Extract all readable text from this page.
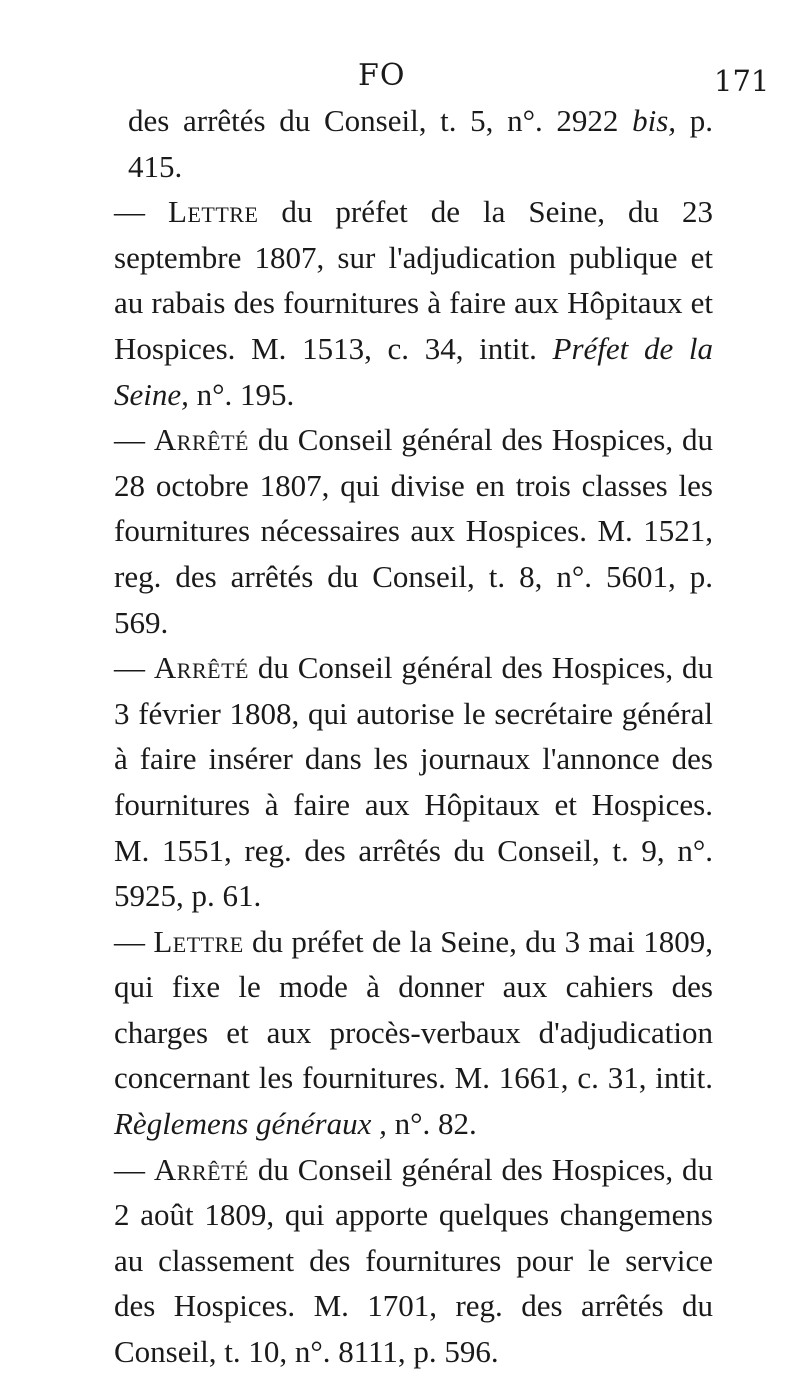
FO	171

des arrêtés du Conseil, t. 5, n°. 2922 bis, p. 415.

— Lettre du préfet de la Seine, du 23 septembre 1807, sur l'adjudication publique et au rabais des fournitures à faire aux Hôpitaux et Hospices. M. 1513, c. 34, intit. Préfet de la Seine, n°. 195.

— Arrêté du Conseil général des Hospices, du 28 octobre 1807, qui divise en trois classes les fournitures nécessaires aux Hospices. M. 1521, reg. des arrêtés du Conseil, t. 8, n°. 5601, p. 569.

— Arrêté du Conseil général des Hospices, du 3 février 1808, qui autorise le secrétaire général à faire insérer dans les journaux l'annonce des fournitures à faire aux Hôpitaux et Hospices. M. 1551, reg. des arrêtés du Conseil, t. 9, n°. 5925, p. 61.

— Lettre du préfet de la Seine, du 3 mai 1809, qui fixe le mode à donner aux cahiers des charges et aux procès-verbaux d'adjudication concernant les fournitures. M. 1661, c. 31, intit. Règlemens généraux , n°. 82.

— Arrêté du Conseil général des Hospices, du 2 août 1809, qui apporte quelques changemens au classement des fournitures pour le service des Hospices. M. 1701, reg. des arrêtés du Conseil, t. 10, n°. 8111, p. 596.
